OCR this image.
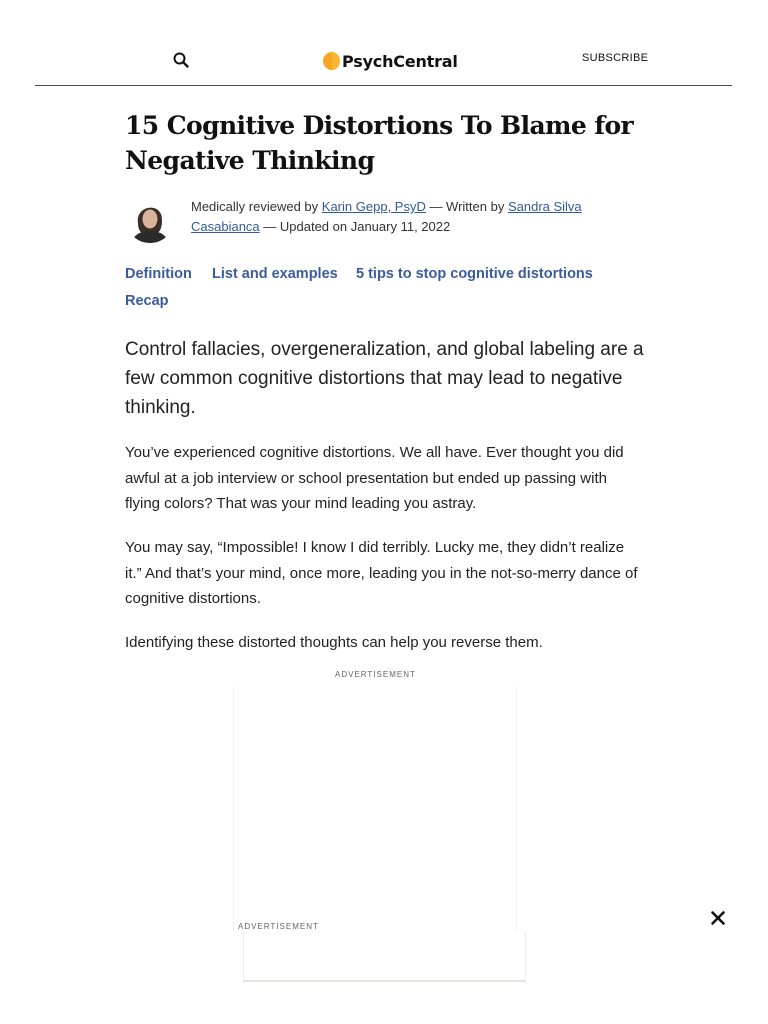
PsychCentral	SUBSCRIBE
15 Cognitive Distortions To Blame for Negative Thinking
Medically reviewed by Karin Gepp, PsyD — Written by Sandra Silva Casabianca — Updated on January 11, 2022
Definition List and examples 5 tips to stop cognitive distortions
Recap

Control fallacies, overgeneralization, and global labeling are a few common cognitive distortions that may lead to negative thinking.

You’ve experienced cognitive distortions. We all have. Ever thought you did awful at a job interview or school presentation but ended up passing with flying colors? That was your mind leading you astray.

You may say, “Impossible! I know I did terribly. Lucky me, they didn’t realize it.” And that’s your mind, once more, leading you in the not-so-merry dance of cognitive distortions.

Identifying these distorted thoughts can help you reverse them.

ADVERTISEMENT
ADVERTISEMENT
